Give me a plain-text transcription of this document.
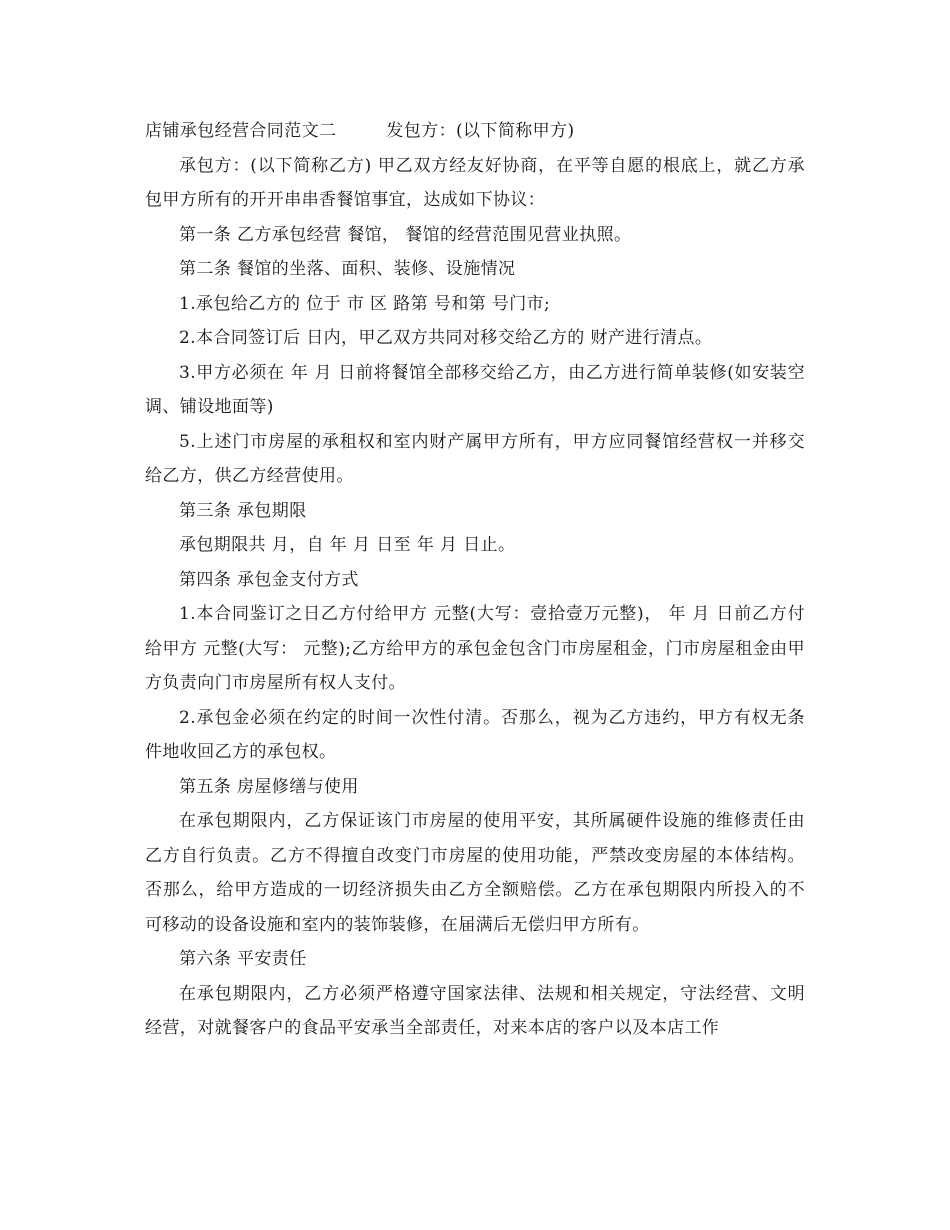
店铺承包经营合同范文二	发包方：(以下简称甲方)

承包方：(以下简称乙方) 甲乙双方经友好协商，在平等自愿的根底上，就乙方承包甲方所有的开开串串香餐馆事宜，达成如下协议：

第一条 乙方承包经营 餐馆， 餐馆的经营范围见营业执照。

第二条 餐馆的坐落、面积、装修、设施情况

1.承包给乙方的 位于 市 区 路第 号和第 号门市;

2.本合同签订后 日内，甲乙双方共同对移交给乙方的 财产进行清点。

3.甲方必须在 年 月 日前将餐馆全部移交给乙方，由乙方进行简单装修(如安装空调、铺设地面等)

5.上述门市房屋的承租权和室内财产属甲方所有，甲方应同餐馆经营权一并移交给乙方，供乙方经营使用。

第三条 承包期限

承包期限共 月，自 年 月 日至 年 月 日止。

第四条 承包金支付方式

1.本合同鉴订之日乙方付给甲方 元整(大写：壹拾壹万元整)， 年 月 日前乙方付给甲方 元整(大写： 元整);乙方给甲方的承包金包含门市房屋租金，门市房屋租金由甲方负责向门市房屋所有权人支付。

2.承包金必须在约定的时间一次性付清。否那么，视为乙方违约，甲方有权无条件地收回乙方的承包权。

第五条 房屋修缮与使用

在承包期限内，乙方保证该门市房屋的使用平安，其所属硬件设施的维修责任由乙方自行负责。乙方不得擅自改变门市房屋的使用功能，严禁改变房屋的本体结构。否那么，给甲方造成的一切经济损失由乙方全额赔偿。乙方在承包期限内所投入的不可移动的设备设施和室内的装饰装修，在届满后无偿归甲方所有。

第六条 平安责任

在承包期限内，乙方必须严格遵守国家法律、法规和相关规定，守法经营、文明经营，对就餐客户的食品平安承当全部责任，对来本店的客户以及本店工作
